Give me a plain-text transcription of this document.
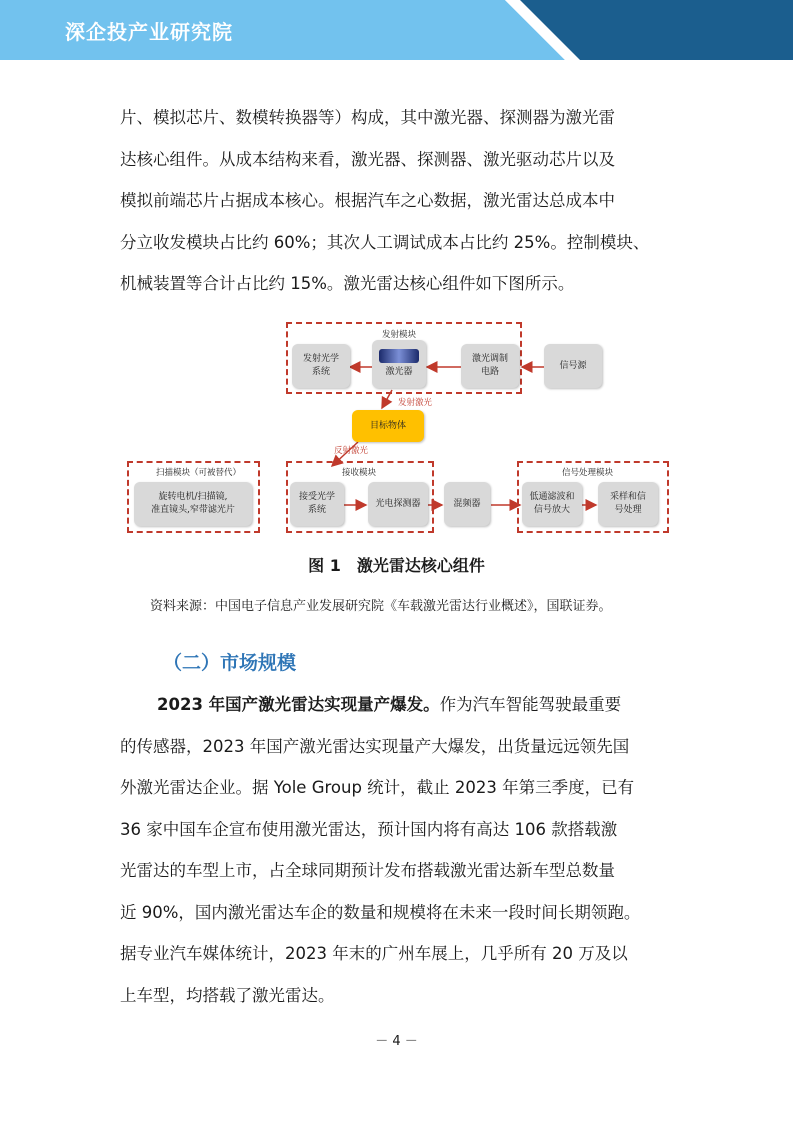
深企投产业研究院
片、模拟芯片、数模转换器等）构成，其中激光器、探测器为激光雷
达核心组件。从成本结构来看，激光器、探测器、激光驱动芯片以及
模拟前端芯片占据成本核心。根据汽车之心数据，激光雷达总成本中
分立收发模块占比约 60%；其次人工调试成本占比约 25%。控制模块、
机械装置等合计占比约 15%。激光雷达核心组件如下图所示。
发射模块
发射光学
系统	激光器
激光调制
电路
信号源
发射激光
目标物体
反射激光
扫描模块（可被替代）
旋转电机/扫描镜,
准直镜头,窄带滤光片
接收模块
接受光学
系统
光电探测器	混频器
信号处理模块
低通滤波和
信号放大
采样和信
号处理
图 1　激光雷达核心组件
资料来源：中国电子信息产业发展研究院《车载激光雷达行业概述》，国联证券。
（二）市场规模
2023 年国产激光雷达实现量产爆发。作为汽车智能驾驶最重要
的传感器，2023 年国产激光雷达实现量产大爆发，出货量远远领先国
外激光雷达企业。据 Yole Group 统计，截止 2023 年第三季度，已有
36 家中国车企宣布使用激光雷达，预计国内将有高达 106 款搭载激
光雷达的车型上市，占全球同期预计发布搭载激光雷达新车型总数量
近 90%，国内激光雷达车企的数量和规模将在未来一段时间长期领跑。
据专业汽车媒体统计，2023 年末的广州车展上，几乎所有 20 万及以
上车型，均搭载了激光雷达。
－ 4 －
